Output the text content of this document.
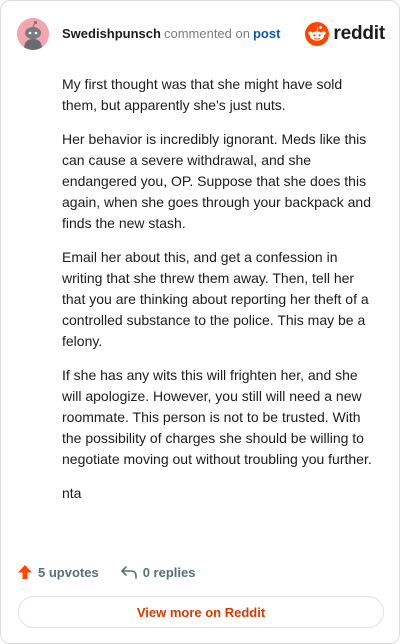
Swedishpunsch commented on post	reddit

My first thought was that she might have sold them, but apparently she's just nuts.

Her behavior is incredibly ignorant. Meds like this can cause a severe withdrawal, and she endangered you, OP. Suppose that she does this again, when she goes through your backpack and finds the new stash.

Email her about this, and get a confession in writing that she threw them away. Then, tell her that you are thinking about reporting her theft of a controlled substance to the police. This may be a felony.

If she has any wits this will frighten her, and she will apologize. However, you still will need a new roommate. This person is not to be trusted. With the possibility of charges she should be willing to negotiate moving out without troubling you further.

nta

5 upvotes	0 replies
View more on Reddit
